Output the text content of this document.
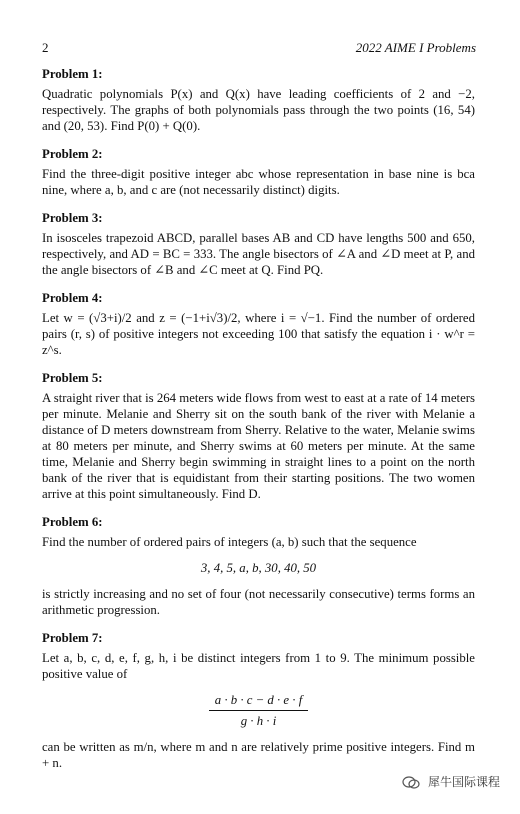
2	2022 AIME I Problems
Problem 1:
Quadratic polynomials P(x) and Q(x) have leading coefficients of 2 and −2, respectively. The graphs of both polynomials pass through the two points (16, 54) and (20, 53). Find P(0) + Q(0).
Problem 2:
Find the three-digit positive integer abc whose representation in base nine is bca nine, where a, b, and c are (not necessarily distinct) digits.
Problem 3:
In isosceles trapezoid ABCD, parallel bases AB and CD have lengths 500 and 650, respectively, and AD = BC = 333. The angle bisectors of ∠A and ∠D meet at P, and the angle bisectors of ∠B and ∠C meet at Q. Find PQ.
Problem 4:
Let w = (√3+i)/2 and z = (−1+i√3)/2, where i = √−1. Find the number of ordered pairs (r, s) of positive integers not exceeding 100 that satisfy the equation i · w^r = z^s.
Problem 5:
A straight river that is 264 meters wide flows from west to east at a rate of 14 meters per minute. Melanie and Sherry sit on the south bank of the river with Melanie a distance of D meters downstream from Sherry. Relative to the water, Melanie swims at 80 meters per minute, and Sherry swims at 60 meters per minute. At the same time, Melanie and Sherry begin swimming in straight lines to a point on the north bank of the river that is equidistant from their starting positions. The two women arrive at this point simultaneously. Find D.
Problem 6:
Find the number of ordered pairs of integers (a, b) such that the sequence
3, 4, 5, a, b, 30, 40, 50
is strictly increasing and no set of four (not necessarily consecutive) terms forms an arithmetic progression.
Problem 7:
Let a, b, c, d, e, f, g, h, i be distinct integers from 1 to 9. The minimum possible positive value of
$\frac{a \cdot b \cdot c - d \cdot e \cdot f}{g \cdot h \cdot i}$
can be written as m/n, where m and n are relatively prime positive integers. Find m + n.
犀牛国际课程
